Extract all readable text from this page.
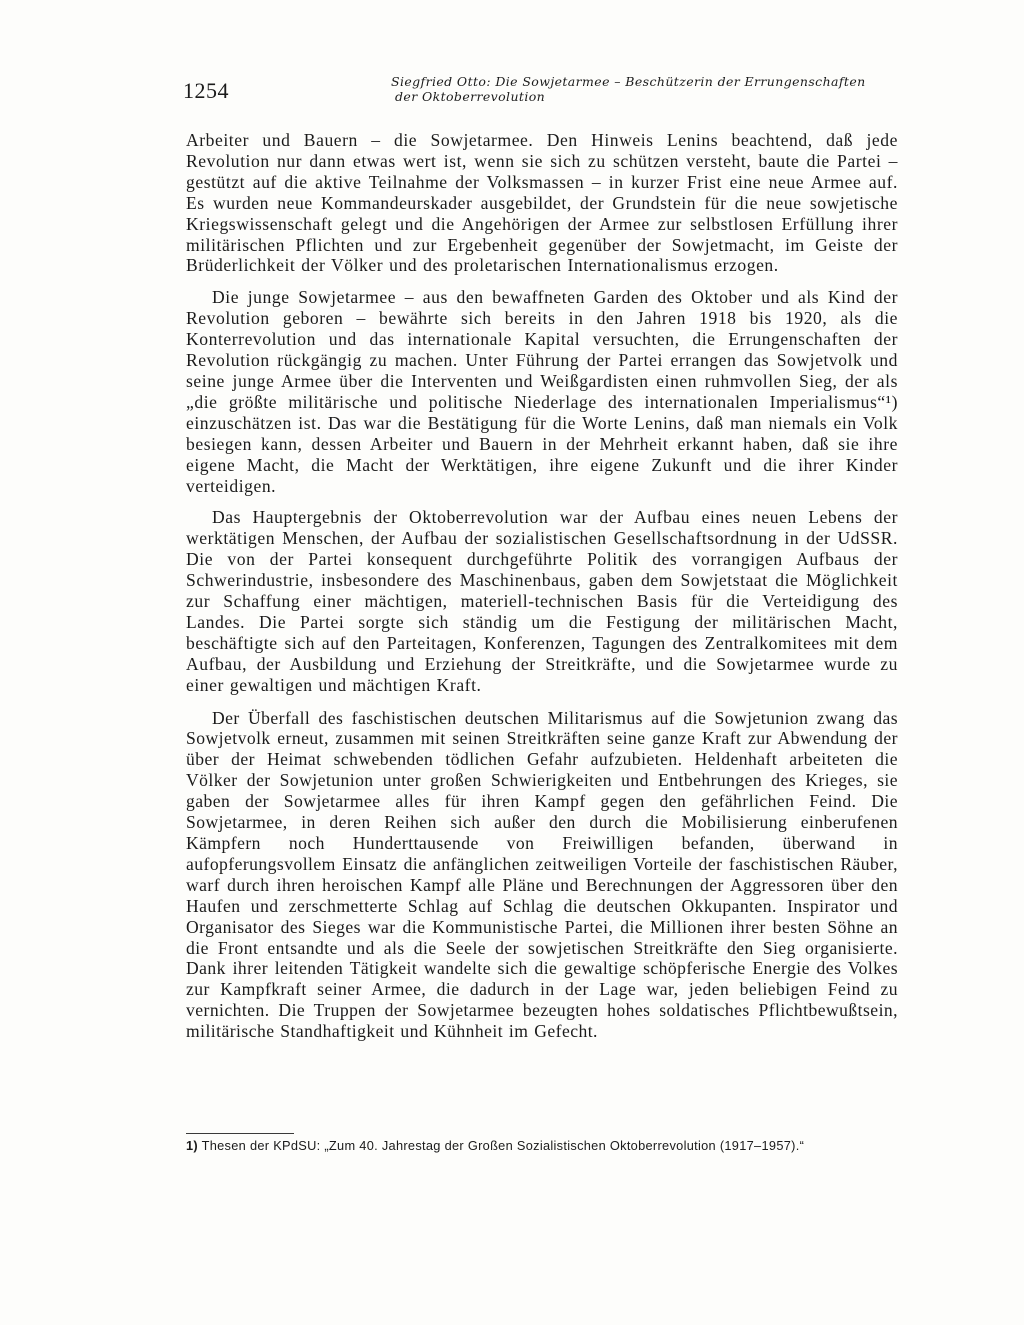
1254	Siegfried Otto: Die Sowjetarmee – Beschützerin der Errungenschaften
der Oktoberrevolution

Arbeiter und Bauern – die Sowjetarmee. Den Hinweis Lenins beachtend, daß jede Revolution nur dann etwas wert ist, wenn sie sich zu schützen versteht, baute die Partei – gestützt auf die aktive Teilnahme der Volksmassen – in kurzer Frist eine neue Armee auf. Es wurden neue Kommandeurskader ausgebildet, der Grundstein für die neue sowjetische Kriegswissenschaft gelegt und die Angehörigen der Armee zur selbstlosen Erfüllung ihrer militärischen Pflichten und zur Ergebenheit gegenüber der Sowjetmacht, im Geiste der Brüderlichkeit der Völker und des proletarischen Internationalismus erzogen.

Die junge Sowjetarmee – aus den bewaffneten Garden des Oktober und als Kind der Revolution geboren – bewährte sich bereits in den Jahren 1918 bis 1920, als die Konterrevolution und das internationale Kapital versuchten, die Errungenschaften der Revolution rückgängig zu machen. Unter Führung der Partei errangen das Sowjetvolk und seine junge Armee über die Interventen und Weißgardisten einen ruhmvollen Sieg, der als „die größte militärische und politische Niederlage des internationalen Imperialismus“¹) einzuschätzen ist. Das war die Bestätigung für die Worte Lenins, daß man niemals ein Volk besiegen kann, dessen Arbeiter und Bauern in der Mehrheit erkannt haben, daß sie ihre eigene Macht, die Macht der Werktätigen, ihre eigene Zukunft und die ihrer Kinder verteidigen.

Das Hauptergebnis der Oktoberrevolution war der Aufbau eines neuen Lebens der werktätigen Menschen, der Aufbau der sozialistischen Gesellschaftsordnung in der UdSSR. Die von der Partei konsequent durchgeführte Politik des vorrangigen Aufbaus der Schwerindustrie, insbesondere des Maschinenbaus, gaben dem Sowjetstaat die Möglichkeit zur Schaffung einer mächtigen, materiell-technischen Basis für die Verteidigung des Landes. Die Partei sorgte sich ständig um die Festigung der militärischen Macht, beschäftigte sich auf den Parteitagen, Konferenzen, Tagungen des Zentralkomitees mit dem Aufbau, der Ausbildung und Erziehung der Streitkräfte, und die Sowjetarmee wurde zu einer gewaltigen und mächtigen Kraft.

Der Überfall des faschistischen deutschen Militarismus auf die Sowjetunion zwang das Sowjetvolk erneut, zusammen mit seinen Streitkräften seine ganze Kraft zur Abwendung der über der Heimat schwebenden tödlichen Gefahr aufzubieten. Heldenhaft arbeiteten die Völker der Sowjetunion unter großen Schwierigkeiten und Entbehrungen des Krieges, sie gaben der Sowjetarmee alles für ihren Kampf gegen den gefährlichen Feind. Die Sowjetarmee, in deren Reihen sich außer den durch die Mobilisierung einberufenen Kämpfern noch Hunderttausende von Freiwilligen befanden, überwand in aufopferungsvollem Einsatz die anfänglichen zeitweiligen Vorteile der faschistischen Räuber, warf durch ihren heroischen Kampf alle Pläne und Berechnungen der Aggressoren über den Haufen und zerschmetterte Schlag auf Schlag die deutschen Okkupanten. Inspirator und Organisator des Sieges war die Kommunistische Partei, die Millionen ihrer besten Söhne an die Front entsandte und als die Seele der sowjetischen Streitkräfte den Sieg organisierte. Dank ihrer leitenden Tätigkeit wandelte sich die gewaltige schöpferische Energie des Volkes zur Kampfkraft seiner Armee, die dadurch in der Lage war, jeden beliebigen Feind zu vernichten. Die Truppen der Sowjetarmee bezeugten hohes soldatisches Pflichtbewußtsein, militärische Standhaftigkeit und Kühnheit im Gefecht.

1) Thesen der KPdSU: „Zum 40. Jahrestag der Großen Sozialistischen Oktoberrevolution (1917–1957).“
